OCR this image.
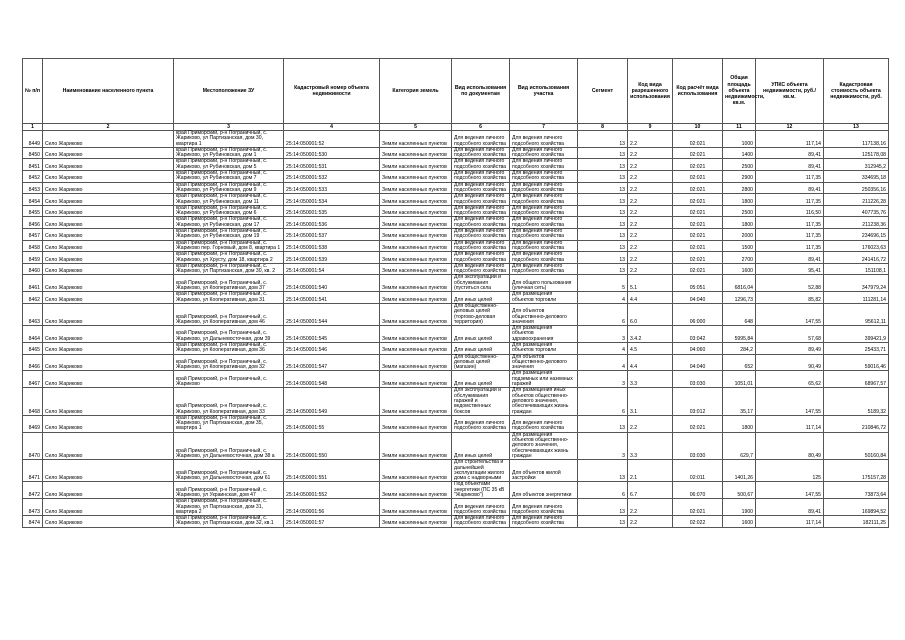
№ п/п	Наименование населенного пункта	Местоположение ЗУ	Кадастровый номер объекта недвижимости	Категория земель	Вид использования по документам	Вид использования участка	Сегмент	Код вида разрешенного использования	Код расчёт вида использования	Общая площадь объекта недвижимости, кв.м.	УПКС объекта недвижимости, руб./кв.м.	Кадастровая стоимость объекта недвижимости, руб.
1	2	3	4	5	6	7	8	9	10	11	12	13
8449	Село Жариково	край Приморский, р-н Пограничный, с. Жариково, ул Партизанская, дом 30, квартира 1	25:14:050001:52	Земли населенных пунктов	Для ведения личного подсобного хозяйства	Для ведения личного подсобного хозяйства	13	2.2	02:021	1000	117,14	117138,16
8450	Село Жариково	край Приморский, р-н Пограничный, с. Жариково, ул Рубиновская, дом 1	25:14:050001:530	Земли населенных пунктов	Для ведения личного подсобного хозяйства	Для ведения личного подсобного хозяйства	13	2.2	02:021	1400	89,41	125178,08
8451	Село Жариково	край Приморский, р-н Пограничный, с. Жариково, ул Рубиновская, дом 5	25:14:050001:531	Земли населенных пунктов	Для ведения личного подсобного хозяйства	Для ведения личного подсобного хозяйства	13	2.2	02:021	2500	89,41	312945,2
8452	Село Жариково	край Приморский, р-н Пограничный, с. Жариково, ул Рубиновская, дом 7	25:14:050001:532	Земли населенных пунктов	Для ведения личного подсобного хозяйства	Для ведения личного подсобного хозяйства	13	2.2	02:021	2900	117,35	334695,18
8453	Село Жариково	край Приморский, р-н Пограничный, с. Жариково, ул Рубиновская, дом 9	25:14:050001:533	Земли населенных пунктов	Для ведения личного подсобного хозяйства	Для ведения личного подсобного хозяйства	13	2.2	02:021	2800	89,41	250356,16
8454	Село Жариково	край Приморский, р-н Пограничный, с. Жариково, ул Рубиновская, дом 11	25:14:050001:534	Земли населенных пунктов	Для ведения личного подсобного хозяйства	Для ведения личного подсобного хозяйства	13	2.2	02:021	1800	117,35	211226,28
8455	Село Жариково	край Приморский, р-н Пограничный, с. Жариково, ул Рубиновская, дом 6	25:14:050001:535	Земли населенных пунктов	Для ведения личного подсобного хозяйства	Для ведения личного подсобного хозяйства	13	2.2	02:021	2500	116,50	407735,76
8456	Село Жариково	край Приморский, р-н Пограничный, с. Жариково, ул Рубиновская, дом 17	25:14:050001:536	Земли населенных пунктов	Для ведения личного подсобного хозяйства	Для ведения личного подсобного хозяйства	13	2.2	02:021	1800	117,35	211238,36
8457	Село Жариково	край Приморский, р-н Пограничный, с. Жариково, ул Рубиновская, дом 19	25:14:050001:537	Земли населенных пунктов	Для ведения личного подсобного хозяйства	Для ведения личного подсобного хозяйства	13	2.2	02:021	2000	117,35	234696,15
8458	Село Жариково	край Приморский, р-н Пограничный, с. Жариково пер. Горновый, дом 8, квартира 1	25:14:050001:538	Земли населенных пунктов	Для ведения личного подсобного хозяйства	Для ведения личного подсобного хозяйства	13	2.2	02:021	1500	117,35	176023,63
8459	Село Жариково	край Приморский, р-н Пограничный, с. Жариково, ул Хрусту, дом 18, квартира 2	25:14:050001:539	Земли населенных пунктов	Для ведения личного подсобного хозяйства	Для ведения личного подсобного хозяйства	13	2.2	02:021	2700	89,41	241416,72
8460	Село Жариково	край Приморский, р-н Пограничный, с. Жариково, ул Партизанская, дом 30, кв. 2	25:14:050001:54	Земли населенных пунктов	Для ведения личного подсобного хозяйства	Для ведения личного подсобного хозяйства	13	2.2	02:021	1600	95,41	151108,1
8461	Село Жариково	край Приморский, р-н Пограничный, с. Жариково, ул Кооперативная, дом 37	25:14:050001:540	Земли населенных пунктов	Для эксплуатации и обслуживания (пуститься скла	Для общего пользования (уличная сеть)	5	5.1	05:051	6816,04	52,88	347979,24
8462	Село Жариково	край Приморский, р-н Пограничный, с. Жариково, ул Кооперативная, дом 31	25:14:050001:541	Земли населенных пунктов	Для иных целей	Для размещения объектов торговли	4	4.4	04:040	1296,73	85,82	111281,14
8463	Село Жариково	край Приморский, р-н Пограничный, с. Жариково, ул Кооперативная, дом 46	25:14:050001:544	Земли населенных пунктов	Для общественно-деловых целей (торгово-деловая территория)	Для объектов общественно-делового значения	6	6.0	06:000	648	147,55	95612,11
8464	Село Жариково	край Приморский, р-н Пограничный, с. Жариково, ул Дальневосточная, дом 39	25:14:050001:545	Земли населенных пунктов	Для иных целей	Для размещения объектов здравоохранения	3	3.4.2	03:042	5995,84	57,68	399421,9
8465	Село Жариково	край Приморский, р-н Пограничный, с. Жариково, ул Кооперативная, дом 36	25:14:050001:546	Земли населенных пунктов	Для иных целей	Для размещения объектов торговли	4	4.5	04:060	284,2	89,49	25433,71
8466	Село Жариково	край Приморский, р-н Пограничный, с. Жариково, ул Кооперативная, дом 32	25:14:050001:547	Земли населенных пунктов	Для общественно-деловых целей (магазин)	Для объектов общественно-делового значения	4	4.4	04:040	652	90,49	59016,46
8467	Село Жариково	край Приморский, р-н Пограничный, с. Жариково	25:14:050001:548	Земли населенных пунктов	Для иных целей	Для размещения подземных или наземных гаражей	3	3.3	03:030	1051,01	65,62	68967,57
8468	Село Жариково	край Приморский, р-н Пограничный, с. Жариково, ул Кооперативная, дом 33	25:14:050001:549	Земли населенных пунктов	Для эксплуатации и обслуживания гаражей и ведомственных боксов	Для размещения иных объектов общественно-делового значения, обеспечивающих жизнь граждан	6	3.1	03:012	35,17	147,55	5189,32
8469	Село Жариково	край Приморский, р-н Пограничный, с. Жариково, ул Партизанская, дом 35, квартира 1	25:14:050001:55	Земли населенных пунктов	Для ведения личного подсобного хозяйства	Для ведения личного подсобного хозяйства	13	2.2	02:021	1800	117,14	210846,72
8470	Село Жариково	край Приморский, р-н Пограничный, с. Жариково, ул Дальневосточная, дом 38 а	25:14:050001:550	Земли населенных пунктов	Для иных целей	Для размещения объектов общественно-делового значения, обеспечивающих жизнь граждан	3	3.3	03:030	629,7	80,49	50160,84
8471	Село Жариково	край Приморский, р-н Пограничный, с. Жариково, ул Дальневосточная, дом 61	25:14:050001:551	Земли населенных пунктов	Для строительства и дальнейшей эксплуатации жилого дома с надворными	Для объектов жилой застройки	13	2.1	02:011	1401,26	125	175157,28
8472	Село Жариково	край Приморский, р-н Пограничный, с. Жариково, ул Украинская, дом 47	25:14:050001:552	Земли населенных пунктов	Под объектами энергетики (ПС 35 кВ "Жариково")	Для объектов энергетики	6	6.7	06:070	500,67	147,55	73873,64
8473	Село Жариково	край Приморский, р-н Пограничный, с. Жариково, ул Партизанская, дом 31, квартира 2	25:14:050001:56	Земли населенных пунктов	Для ведения личного подсобного хозяйства	Для ведения личного подсобного хозяйства	13	2.2	02:021	1900	89,41	169894,52
8474	Село Жариково	край Приморский, р-н Пограничный, с. Жариково, ул Партизанская, дом 32, кв.1	25:14:050001:57	Земли населенных пунктов	Для ведения личного подсобного хозяйства	Для ведения личного подсобного хозяйства	13	2.2	02:022	1600	117,14	182111,25
